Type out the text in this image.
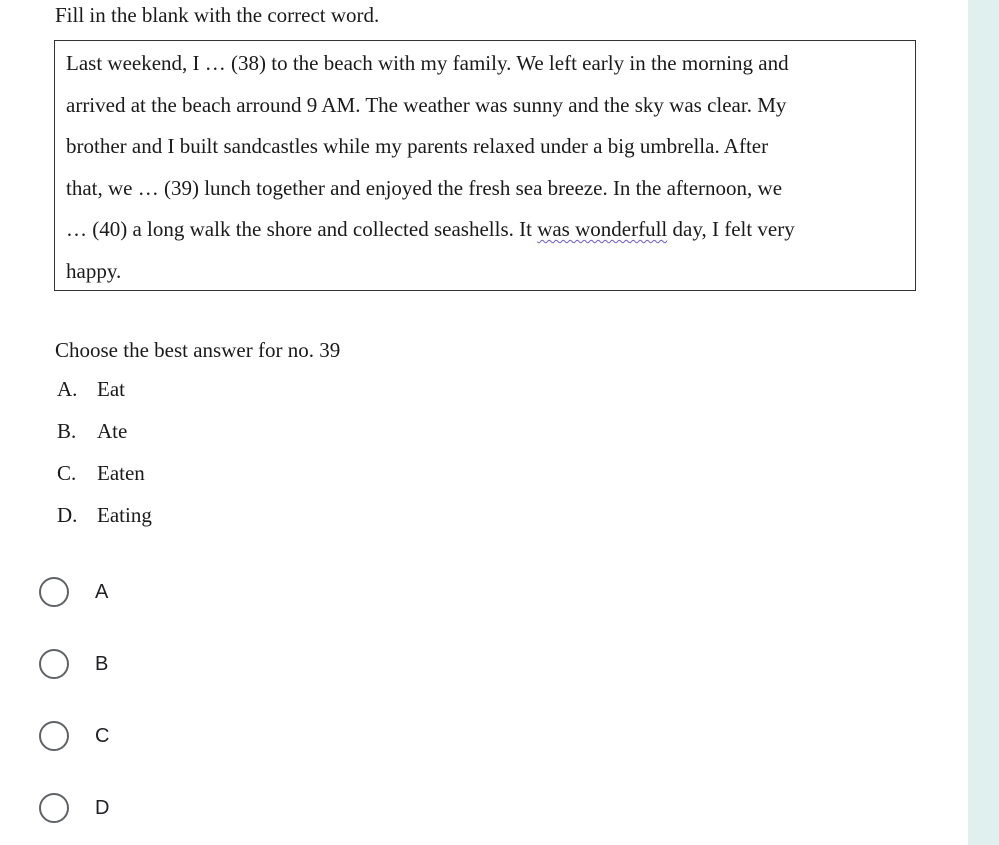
Fill in the blank with the correct word.
Last weekend, I … (38) to the beach with my family. We left early in the morning and
arrived at the beach arround 9 AM. The weather was sunny and the sky was clear. My
brother and I built sandcastles while my parents relaxed under a big umbrella. After
that, we … (39) lunch together and enjoyed the fresh sea breeze. In the afternoon, we
… (40) a long walk the shore and collected seashells. It was wonderfull day, I felt very
happy.
Choose the best answer for no. 39
A. Eat
B. Ate
C. Eaten
D. Eating
A
B
C
D
